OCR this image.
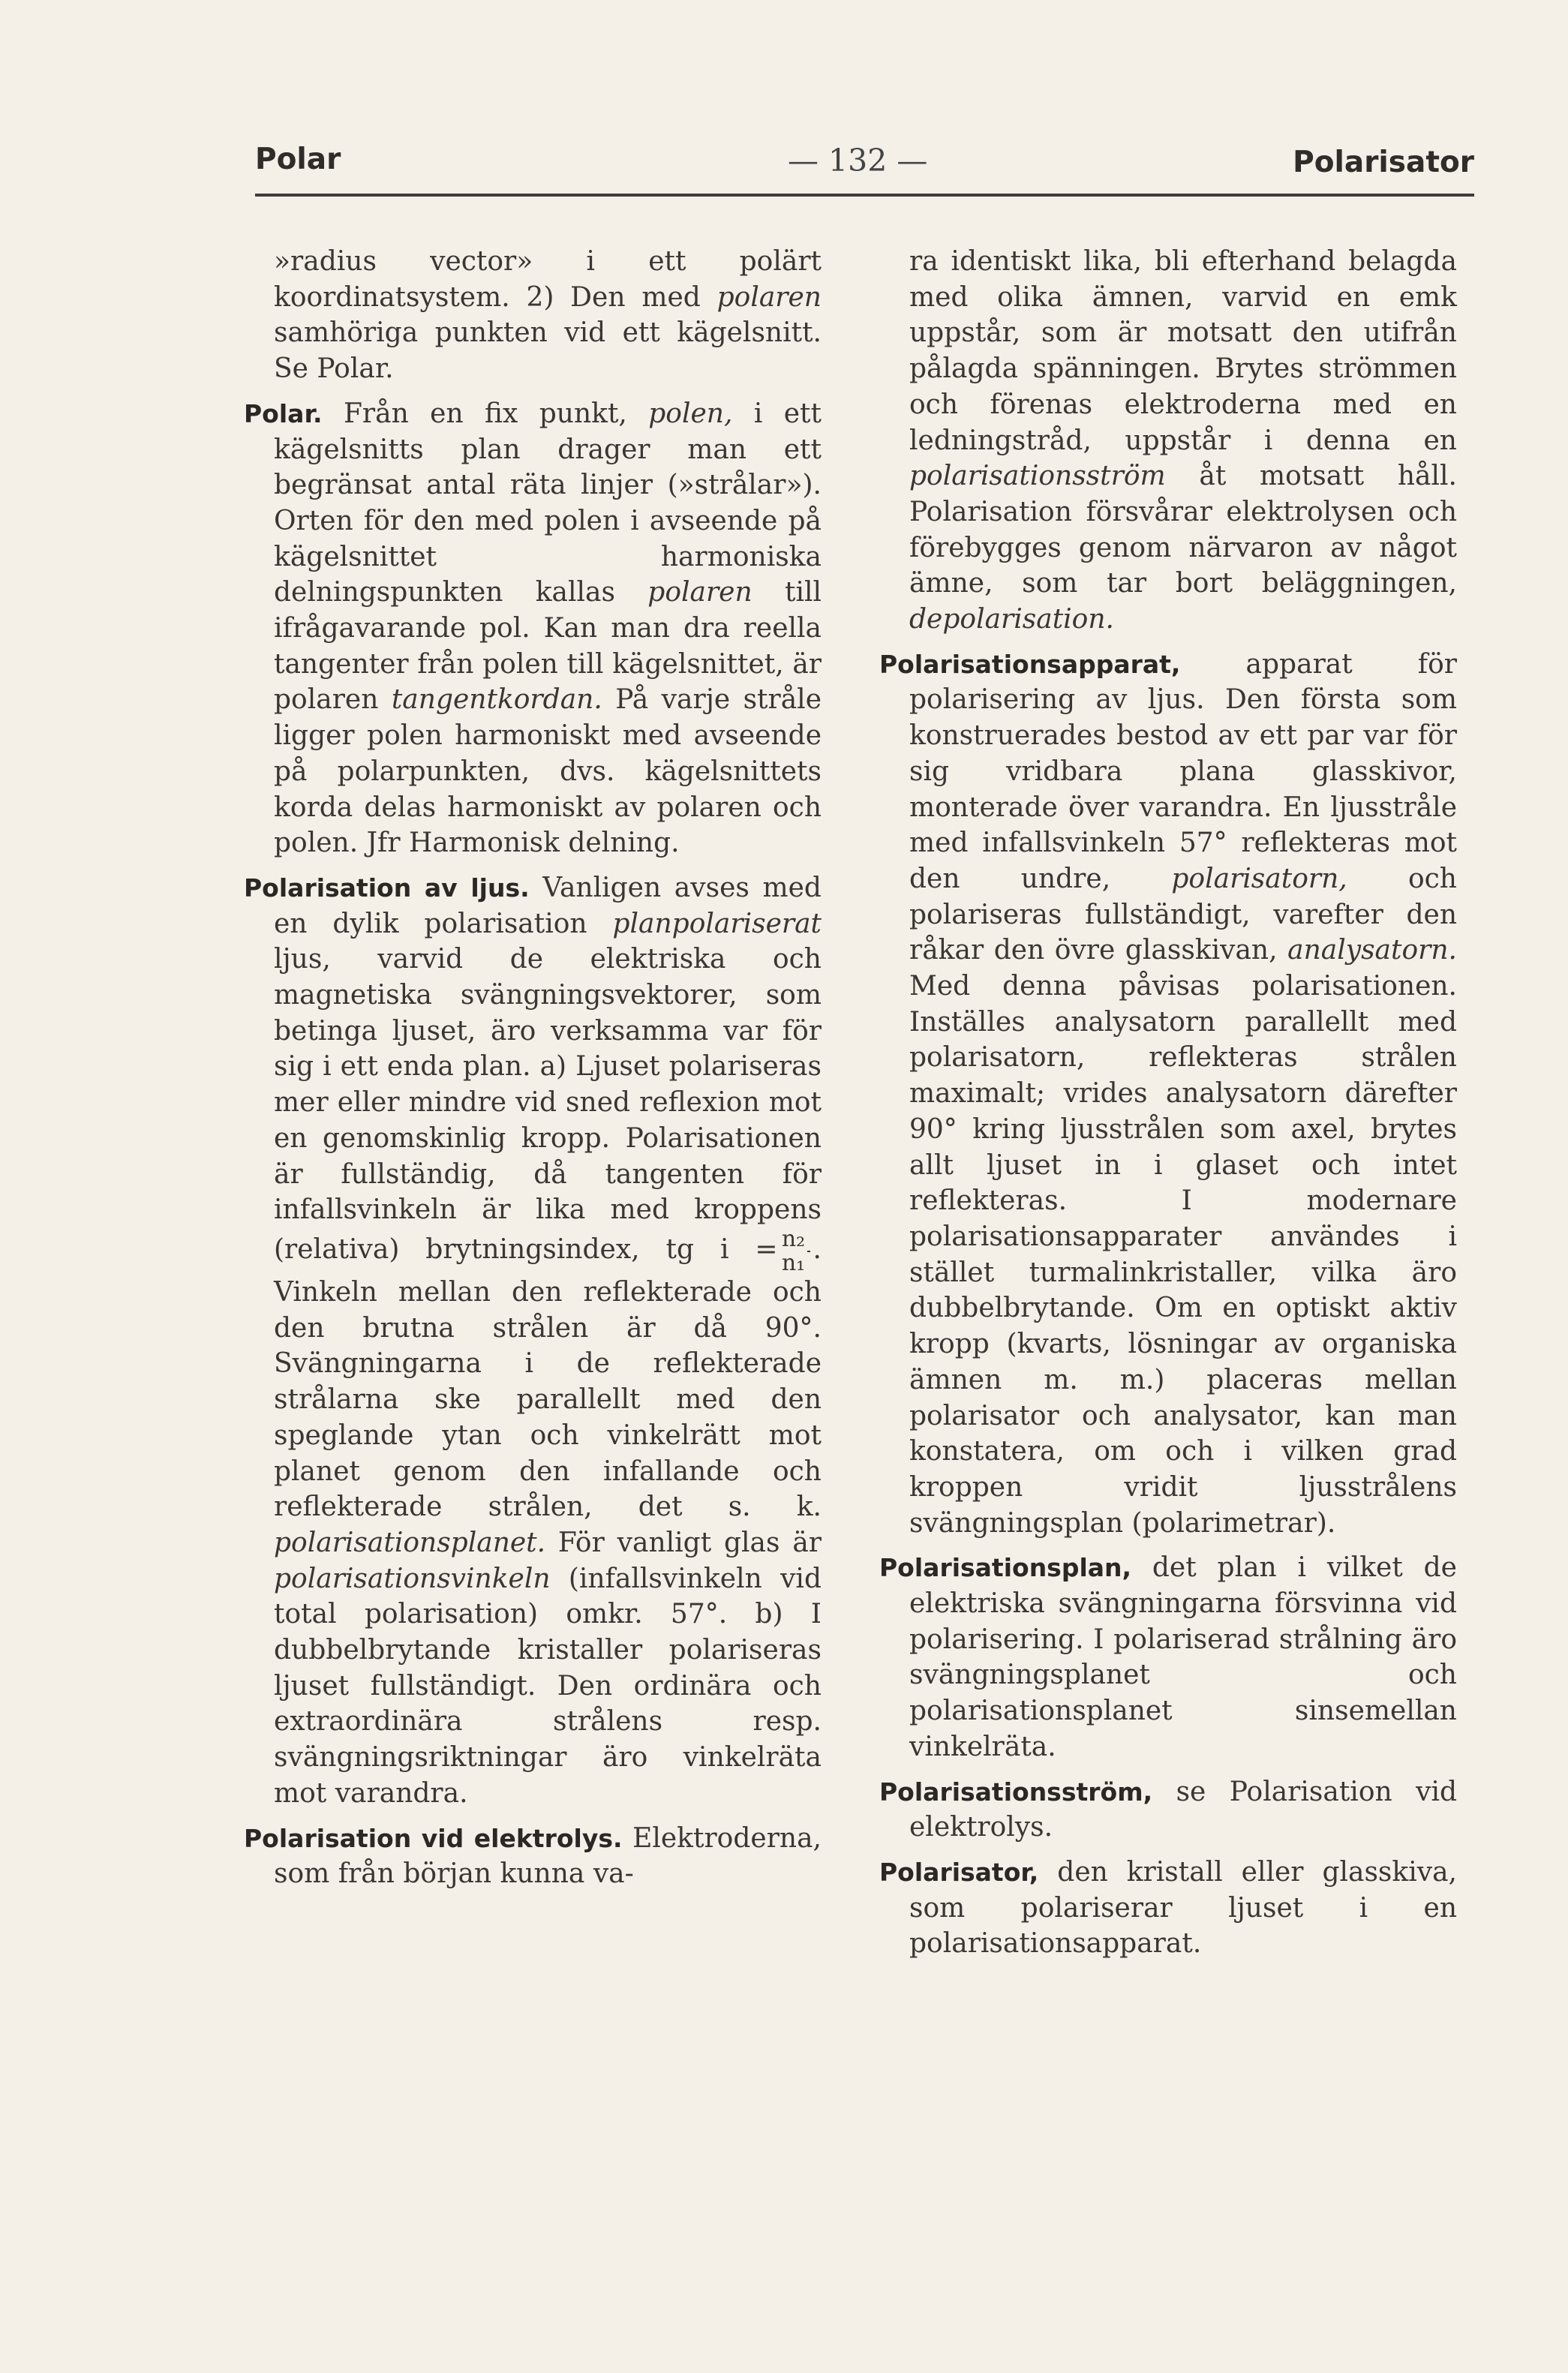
Polar	— 132 —	Polarisator

»radius vector» i ett polärt koordinatsystem. 2) Den med polaren samhöriga punkten vid ett kägelsnitt. Se Polar.

Polar. Från en fix punkt, polen, i ett kägelsnitts plan drager man ett begränsat antal räta linjer (»strålar»). Orten för den med polen i avseende på kägelsnittet harmoniska delningspunkten kallas polaren till ifrågavarande pol. Kan man dra reella tangenter från polen till kägelsnittet, är polaren tangentkordan. På varje stråle ligger polen harmoniskt med avseende på polarpunkten, dvs. kägelsnittets korda delas harmoniskt av polaren och polen. Jfr Harmonisk delning.

Polarisation av ljus. Vanligen avses med en dylik polarisation planpolariserat ljus, varvid de elektriska och magnetiska svängningsvektorer, som betinga ljuset, äro verksamma var för sig i ett enda plan. a) Ljuset polariseras mer eller mindre vid sned reflexion mot en genomskinlig kropp. Polarisationen är fullständig, då tangenten för infallsvinkeln är lika med kroppens (relativa) brytningsindex, tg $i = \frac{\text{n₂}}{\text{n₁}}$ . Vinkeln mellan den reflekterade och den brutna strålen är då 90°. Svängningarna i de reflekterade strålarna ske parallellt med den speglande ytan och vinkelrätt mot planet genom den infallande och reflekterade strålen, det s. k. polarisationsplanet. För vanligt glas är polarisationsvinkeln (infallsvinkeln vid total polarisation) omkr. 57°. b) I dubbelbrytande kristaller polariseras ljuset fullständigt. Den ordinära och extraordinära strålens resp. svängningsriktningar äro vinkelräta mot varandra.

Polarisation vid elektrolys. Elektroderna, som från början kunna va-

ra identiskt lika, bli efterhand belagda med olika ämnen, varvid en emk uppstår, som är motsatt den utifrån pålagda spänningen. Brytes strömmen och förenas elektroderna med en ledningstråd, uppstår i denna en polarisationsström åt motsatt håll. Polarisation försvårar elektrolysen och förebygges genom närvaron av något ämne, som tar bort beläggningen, depolarisation.

Polarisationsapparat, apparat för polarisering av ljus. Den första som konstruerades bestod av ett par var för sig vridbara plana glasskivor, monterade över varandra. En ljusstråle med infallsvinkeln 57° reflekteras mot den undre, polarisatorn, och polariseras fullständigt, varefter den råkar den övre glasskivan, analysatorn. Med denna påvisas polarisationen. Inställes analysatorn parallellt med polarisatorn, reflekteras strålen maximalt; vrides analysatorn därefter 90° kring ljusstrålen som axel, brytes allt ljuset in i glaset och intet reflekteras. I modernare polarisationsapparater användes i stället turmalinkristaller, vilka äro dubbelbrytande. Om en optiskt aktiv kropp (kvarts, lösningar av organiska ämnen m. m.) placeras mellan polarisator och analysator, kan man konstatera, om och i vilken grad kroppen vridit ljusstrålens svängningsplan (polarimetrar).

Polarisationsplan, det plan i vilket de elektriska svängningarna försvinna vid polarisering. I polariserad strålning äro svängningsplanet och polarisationsplanet sinsemellan vinkelräta.

Polarisationsström, se Polarisation vid elektrolys.

Polarisator, den kristall eller glasskiva, som polariserar ljuset i en polarisationsapparat.
